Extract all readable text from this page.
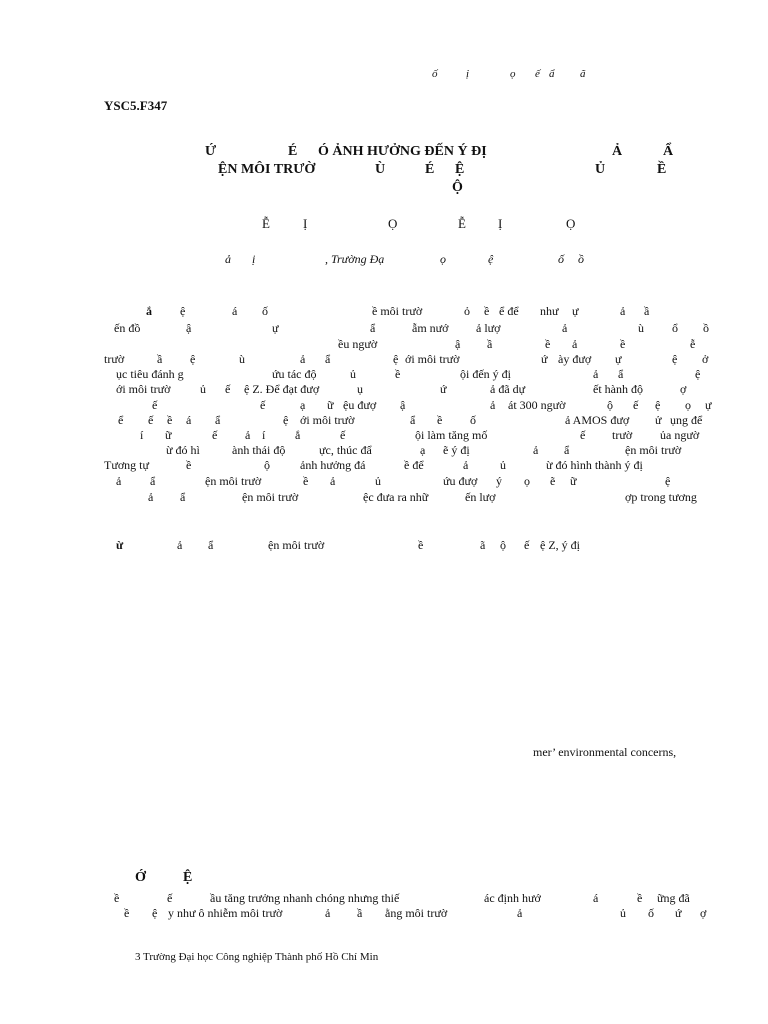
ố	ị	ọ ế ẩ ã
YSC5.F347
Ứ	É Ó ẢNH HƯỞNG ĐẾN Ý ĐỊ	Ả	Ẩ
ỆN MÔI TRƯỜ	Ù	É Ệ	Ủ	Ề
Ộ
Ễ	Ị	Ọ	Ễ Ị	Ọ
ả ị	, Trường Đạ	ọ	ệ	ố ồ
ắ ệ	á ố	ề môi trườ	ỏ ề ể để như ự	ả ầ
ến đồ	ậ	ự	ẩ	ẫm nướ ả lượ	ả	ù ổ ồ
ều ngườ	ậ ầ	ề ả	ề	ễ
trườ	ầ ệ	ù	ả ẩ	ệ ới môi trườ	ứ ày đượ ự	ệ ở
ục tiêu đánh g	ứu tác độ	ủ	ề	ội đến ý đị	ả ẩ	ệ
ới môi trườ ủ ế ệ Z. Để đạt đượ	ụ	ứ	ả đã dự	ết hành độ	ợ
ế	ế	ạ ữ ệu đượ ậ	ả át 300 ngườ	ộ ế ệ ọ ự
ể ế ề á ẩ	ệ ới môi trườ	ẩ ề ố	ả AMOS đượ ử ụng để
í ữ	ế ả í ắ	ế	ội làm tăng mố	ế trườ ủa ngườ
ừ đó hì	ành thái độ	ực, thúc đẩ	ạ ẽ ý đị	ả ẩ	ện môi trườ
Tương tự	ề	ộ	ảnh hưởng đá	ề để	ả	ủ	ừ đó hình thành ý đị
ả ẩ	ện môi trườ	ề ả	ủ	ứu đượ ý ọ ẽ ữ	ệ
ả ẩ	ện môi trườ	ệc đưa ra nhữ	ến lượ	ợp trong tương
ừ	ả ẩ	ện môi trườ	ề	ã ộ ế ệ Z, ý đị
mer’ environmental concerns,
Ớ	Ệ
ề	ế	ầu tăng trưởng nhanh chóng nhưng thiế	ác định hướ	á	ề ững đã
ề ệ y như ô nhiễm môi trườ	ả ầ ằng môi trườ	ả	ủ ố ứ ợ
3 Trường Đại học Công nghiệp Thành phố Hồ Chí Min
